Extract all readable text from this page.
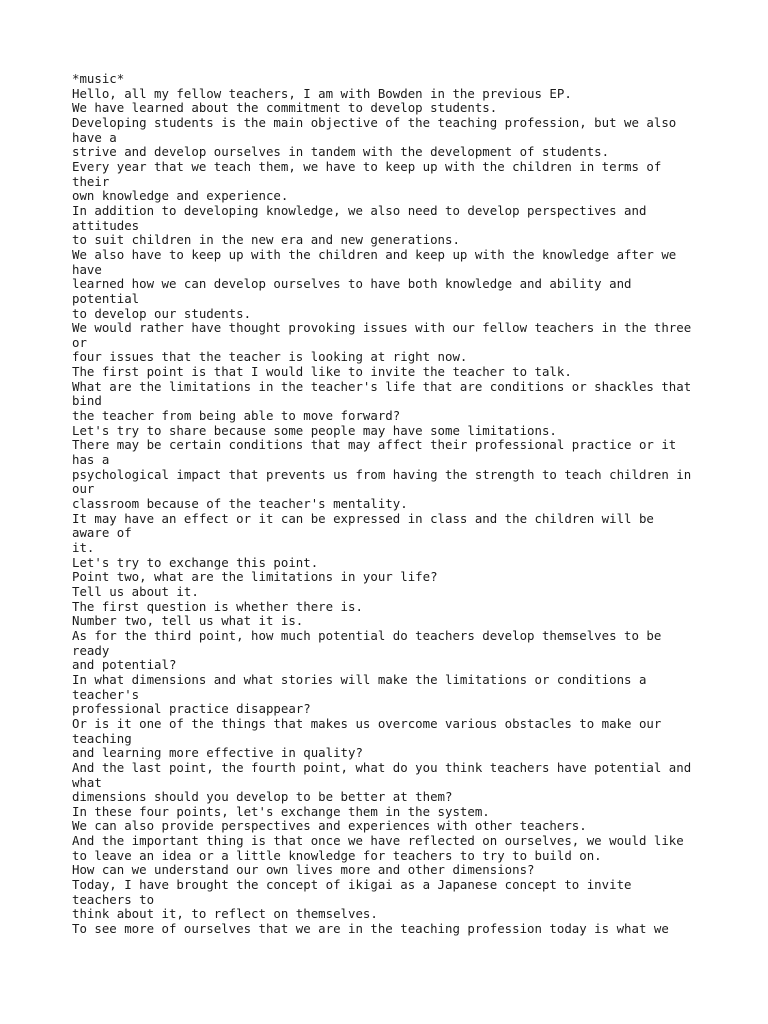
*music*
Hello, all my fellow teachers, I am with Bowden in the previous EP.
We have learned about the commitment to develop students.
Developing students is the main objective of the teaching profession, but we also
have a
strive and develop ourselves in tandem with the development of students.
Every year that we teach them, we have to keep up with the children in terms of
their
own knowledge and experience.
In addition to developing knowledge, we also need to develop perspectives and
attitudes
to suit children in the new era and new generations.
We also have to keep up with the children and keep up with the knowledge after we
have
learned how we can develop ourselves to have both knowledge and ability and
potential
to develop our students.
We would rather have thought provoking issues with our fellow teachers in the three
or
four issues that the teacher is looking at right now.
The first point is that I would like to invite the teacher to talk.
What are the limitations in the teacher's life that are conditions or shackles that
bind
the teacher from being able to move forward?
Let's try to share because some people may have some limitations.
There may be certain conditions that may affect their professional practice or it
has a
psychological impact that prevents us from having the strength to teach children in
our
classroom because of the teacher's mentality.
It may have an effect or it can be expressed in class and the children will be
aware of
it.
Let's try to exchange this point.
Point two, what are the limitations in your life?
Tell us about it.
The first question is whether there is.
Number two, tell us what it is.
As for the third point, how much potential do teachers develop themselves to be
ready
and potential?
In what dimensions and what stories will make the limitations or conditions a
teacher's
professional practice disappear?
Or is it one of the things that makes us overcome various obstacles to make our
teaching
and learning more effective in quality?
And the last point, the fourth point, what do you think teachers have potential and
what
dimensions should you develop to be better at them?
In these four points, let's exchange them in the system.
We can also provide perspectives and experiences with other teachers.
And the important thing is that once we have reflected on ourselves, we would like
to leave an idea or a little knowledge for teachers to try to build on.
How can we understand our own lives more and other dimensions?
Today, I have brought the concept of ikigai as a Japanese concept to invite
teachers to
think about it, to reflect on themselves.
To see more of ourselves that we are in the teaching profession today is what we
